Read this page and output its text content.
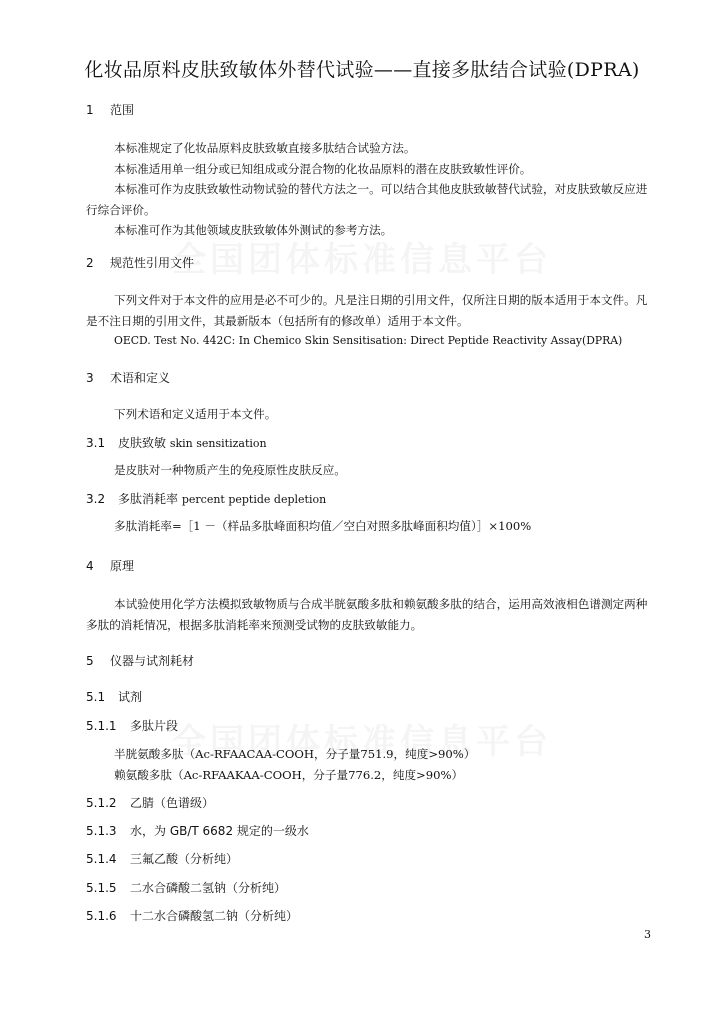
化妆品原料皮肤致敏体外替代试验——直接多肽结合试验(DPRA)
1 范围

本标准规定了化妆品原料皮肤致敏直接多肽结合试验方法。

本标准适用单一组分或已知组成或分混合物的化妆品原料的潜在皮肤致敏性评价。

本标准可作为皮肤致敏性动物试验的替代方法之一。可以结合其他皮肤致敏替代试验，对皮肤致敏反应进行综合评价。

本标准可作为其他领域皮肤致敏体外测试的参考方法。

2 规范性引用文件

下列文件对于本文件的应用是必不可少的。凡是注日期的引用文件，仅所注日期的版本适用于本文件。凡是不注日期的引用文件，其最新版本（包括所有的修改单）适用于本文件。

OECD. Test No. 442C: In Chemico Skin Sensitisation: Direct Peptide Reactivity Assay(DPRA)

3 术语和定义

下列术语和定义适用于本文件。

3.1 皮肤致敏 skin sensitization

是皮肤对一种物质产生的免疫原性皮肤反应。

3.2 多肽消耗率 percent peptide depletion

多肽消耗率=［1 －（样品多肽峰面积均值／空白对照多肽峰面积均值）］×100%

4 原理

本试验使用化学方法模拟致敏物质与合成半胱氨酸多肽和赖氨酸多肽的结合，运用高效液相色谱测定两种多肽的消耗情况，根据多肽消耗率来预测受试物的皮肤致敏能力。

5 仪器与试剂耗材
5.1 试剂
5.1.1 多肽片段

半胱氨酸多肽（Ac-RFAACAA-COOH，分子量751.9，纯度>90%）

赖氨酸多肽（Ac-RFAAKAA-COOH，分子量776.2，纯度>90%）

5.1.2 乙腈（色谱级）
5.1.3 水，为 GB/T 6682 规定的一级水
5.1.4 三氟乙酸（分析纯）
5.1.5 二水合磷酸二氢钠（分析纯）
5.1.6 十二水合磷酸氢二钠（分析纯）
3
